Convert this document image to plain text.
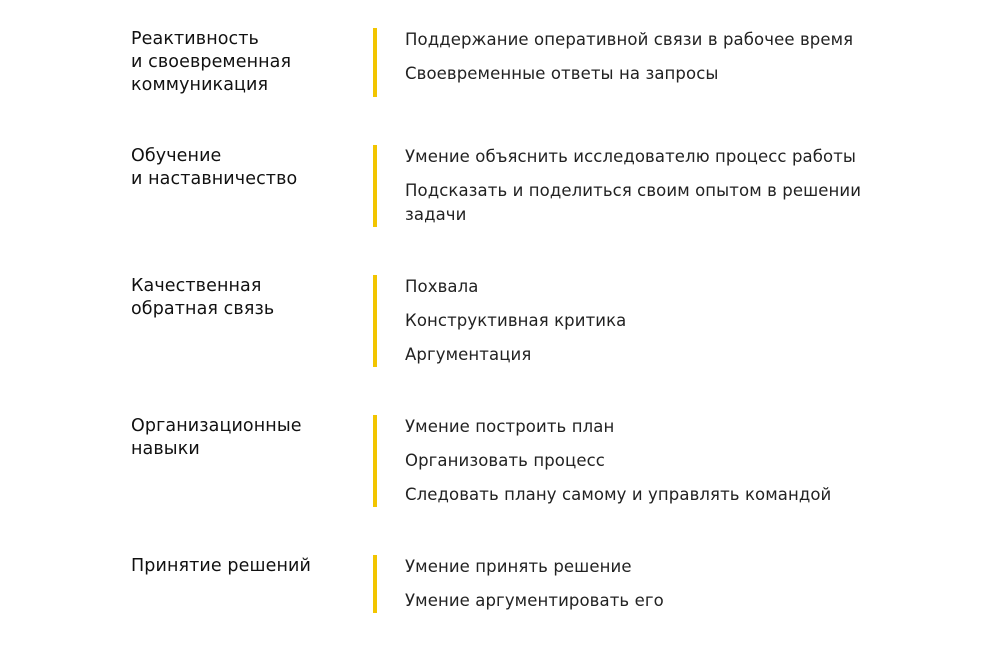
Реактивность
и своевременная
коммуникация
Поддержание оперативной связи в рабочее время
Своевременные ответы на запросы
Обучение
и наставничество
Умение объяснить исследователю процесс работы
Подсказать и поделиться своим опытом в решении задачи
Качественная
обратная связь
Похвала
Конструктивная критика
Аргументация
Организационные
навыки
Умение построить план
Организовать процесс
Следовать плану самому и управлять командой
Принятие решений	Умение принять решение
Умение аргументировать его
